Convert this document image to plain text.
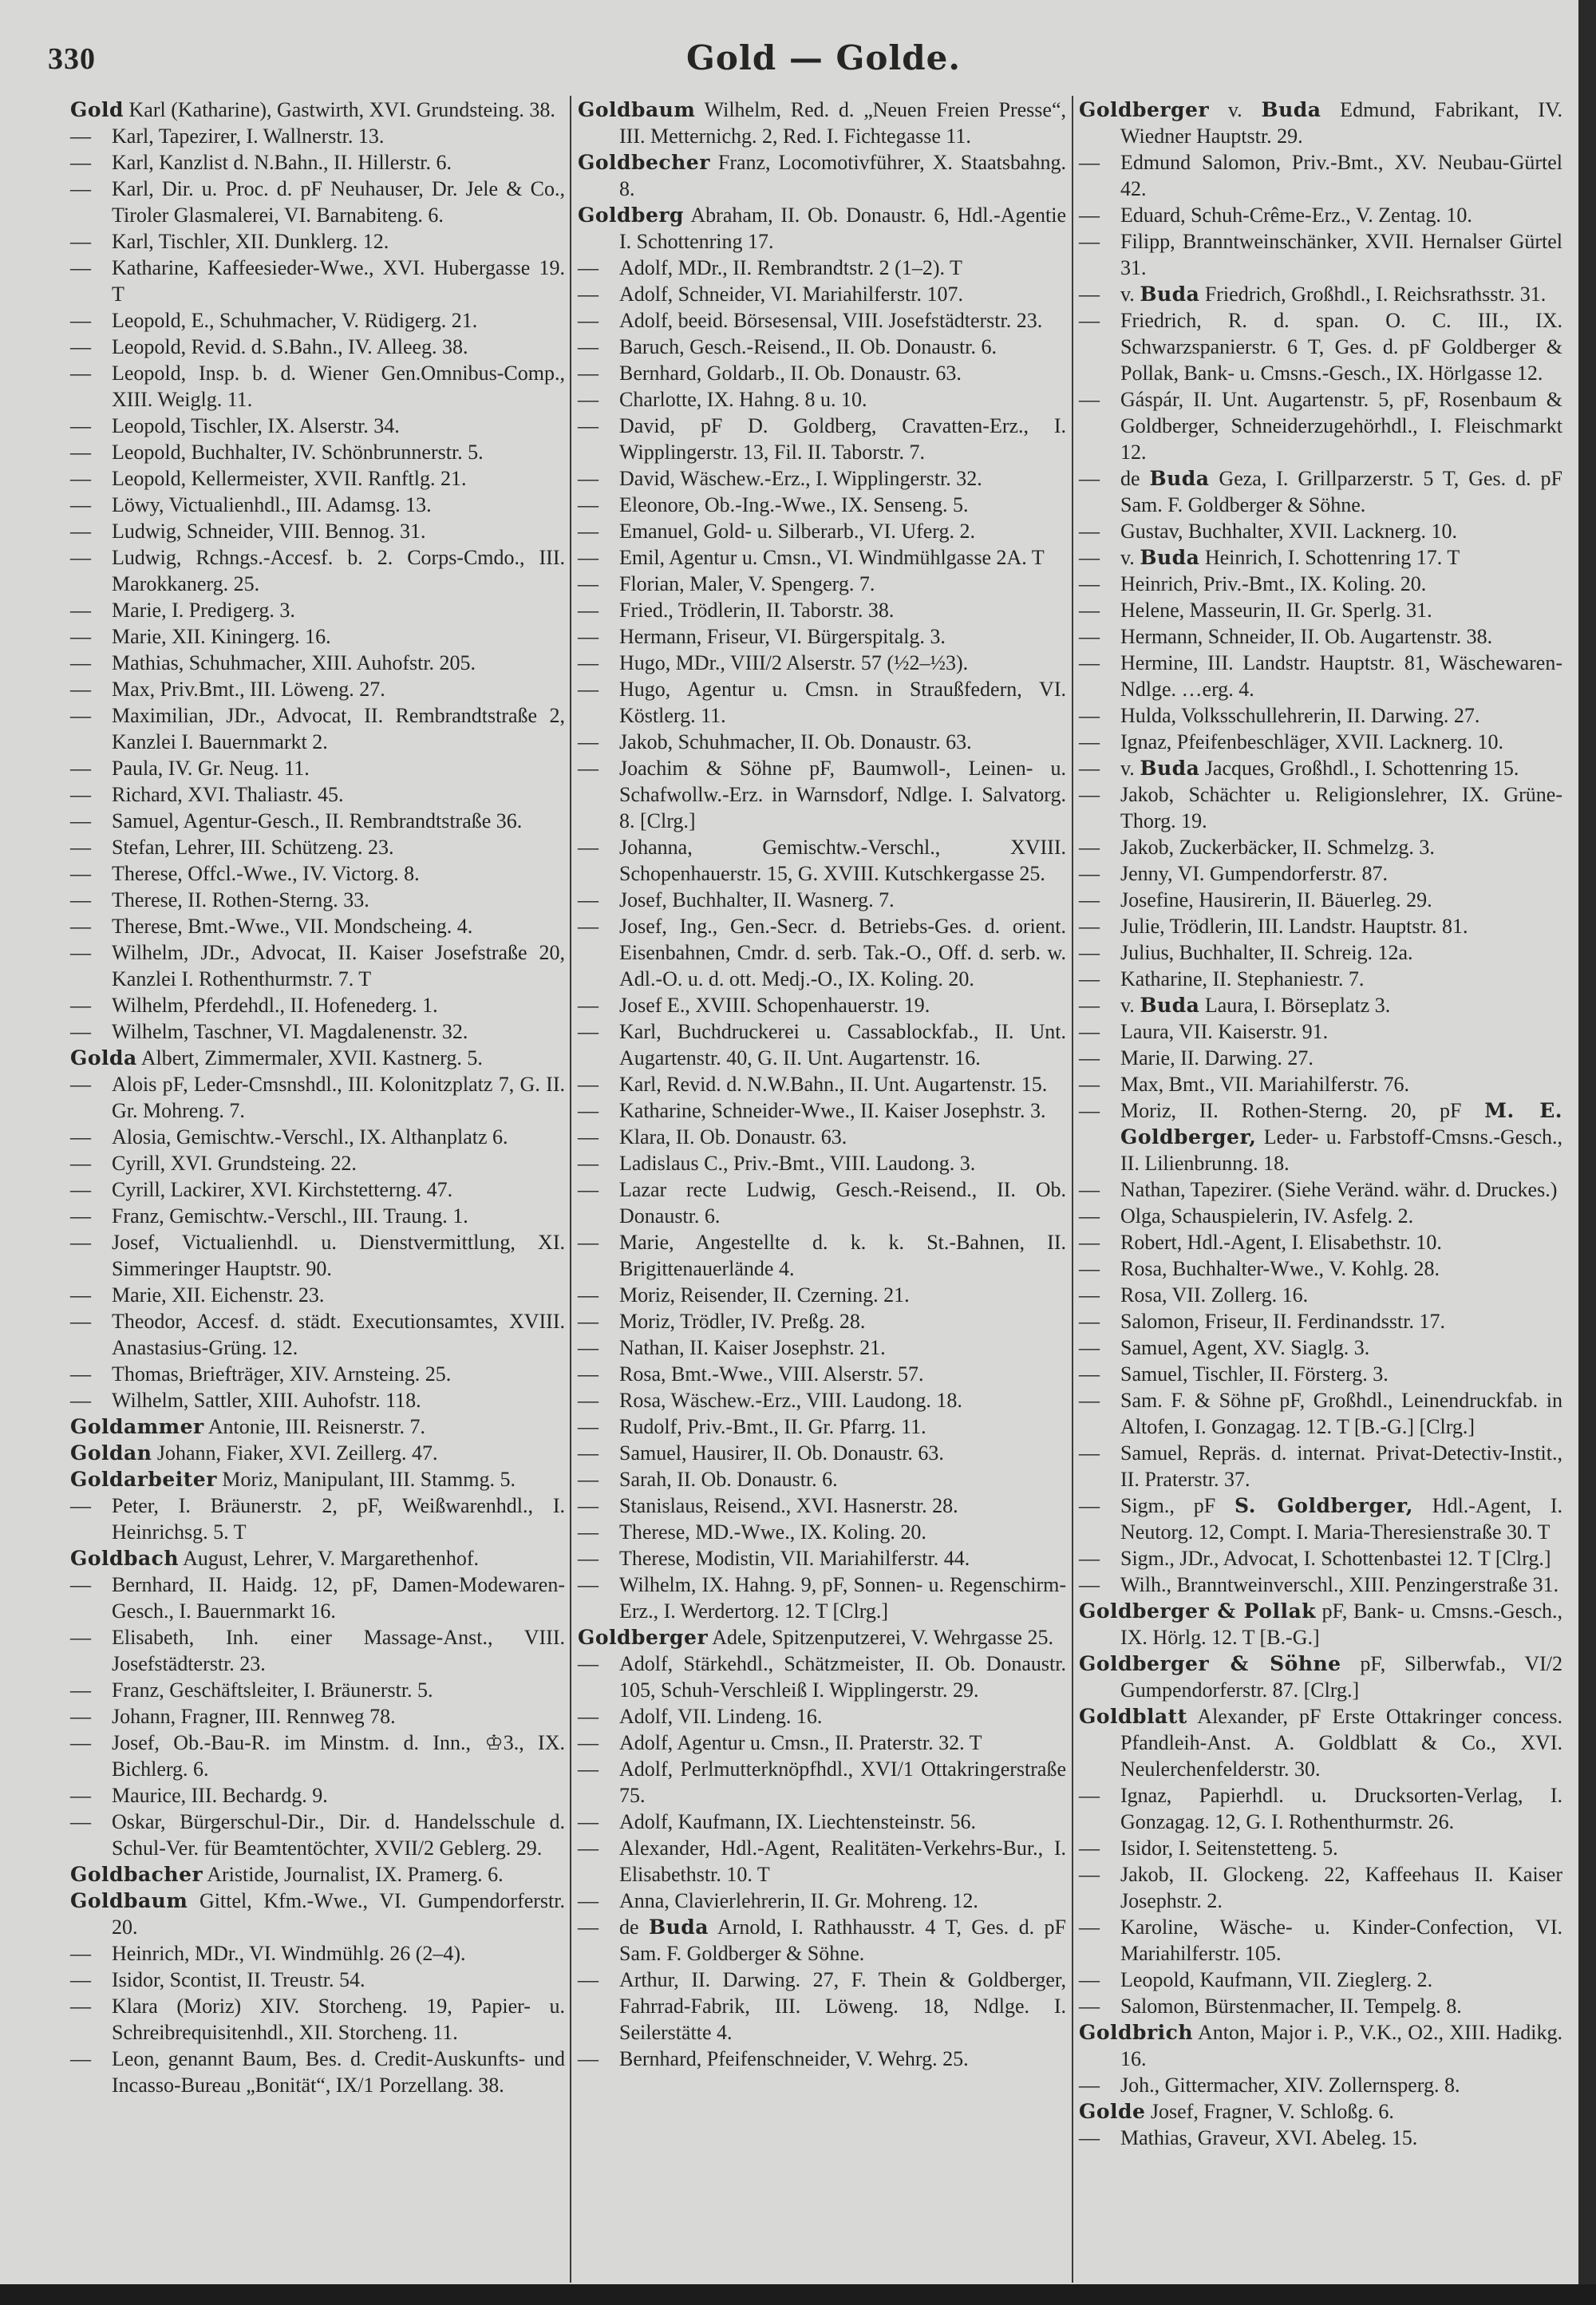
330	Gold — Golde.

Gold Karl (Katharine), Gastwirth, XVI. Grundsteing. 38.

— Karl, Tapezirer, I. Wallnerstr. 13.

— Karl, Kanzlist d. N.Bahn., II. Hillerstr. 6.

— Karl, Dir. u. Proc. d. pF Neuhauser, Dr. Jele & Co., Tiroler Glasmalerei, VI. Barnabiteng. 6.

— Karl, Tischler, XII. Dunklerg. 12.

— Katharine, Kaffeesieder-Wwe., XVI. Hubergasse 19. T

— Leopold, E., Schuhmacher, V. Rüdigerg. 21.

— Leopold, Revid. d. S.Bahn., IV. Alleeg. 38.

— Leopold, Insp. b. d. Wiener Gen.Omnibus-Comp., XIII. Weiglg. 11.

— Leopold, Tischler, IX. Alserstr. 34.

— Leopold, Buchhalter, IV. Schönbrunnerstr. 5.

— Leopold, Kellermeister, XVII. Ranftlg. 21.

— Löwy, Victualienhdl., III. Adamsg. 13.

— Ludwig, Schneider, VIII. Bennog. 31.

— Ludwig, Rchngs.-Accesf. b. 2. Corps-Cmdo., III. Marokkanerg. 25.

— Marie, I. Predigerg. 3.

— Marie, XII. Kiningerg. 16.

— Mathias, Schuhmacher, XIII. Auhofstr. 205.

— Max, Priv.Bmt., III. Löweng. 27.

— Maximilian, JDr., Advocat, II. Rembrandtstraße 2, Kanzlei I. Bauernmarkt 2.

— Paula, IV. Gr. Neug. 11.

— Richard, XVI. Thaliastr. 45.

— Samuel, Agentur-Gesch., II. Rembrandtstraße 36.

— Stefan, Lehrer, III. Schützeng. 23.

— Therese, Offcl.-Wwe., IV. Victorg. 8.

— Therese, II. Rothen-Sterng. 33.

— Therese, Bmt.-Wwe., VII. Mondscheing. 4.

— Wilhelm, JDr., Advocat, II. Kaiser Josefstraße 20, Kanzlei I. Rothenthurmstr. 7. T

— Wilhelm, Pferdehdl., II. Hofenederg. 1.

— Wilhelm, Taschner, VI. Magdalenenstr. 32.

Golda Albert, Zimmermaler, XVII. Kastnerg. 5.

— Alois pF, Leder-Cmsnshdl., III. Kolonitzplatz 7, G. II. Gr. Mohreng. 7.

— Alosia, Gemischtw.-Verschl., IX. Althanplatz 6.

— Cyrill, XVI. Grundsteing. 22.

— Cyrill, Lackirer, XVI. Kirchstetterng. 47.

— Franz, Gemischtw.-Verschl., III. Traung. 1.

— Josef, Victualienhdl. u. Dienstvermittlung, XI. Simmeringer Hauptstr. 90.

— Marie, XII. Eichenstr. 23.

— Theodor, Accesf. d. städt. Executionsamtes, XVIII. Anastasius-Grüng. 12.

— Thomas, Briefträger, XIV. Arnsteing. 25.

— Wilhelm, Sattler, XIII. Auhofstr. 118.

Goldammer Antonie, III. Reisnerstr. 7.

Goldan Johann, Fiaker, XVI. Zeillerg. 47.

Goldarbeiter Moriz, Manipulant, III. Stammg. 5.

— Peter, I. Bräunerstr. 2, pF, Weißwarenhdl., I. Heinrichsg. 5. T

Goldbach August, Lehrer, V. Margarethenhof.

— Bernhard, II. Haidg. 12, pF, Damen-Modewaren-Gesch., I. Bauernmarkt 16.

— Elisabeth, Inh. einer Massage-Anst., VIII. Josefstädterstr. 23.

— Franz, Geschäftsleiter, I. Bräunerstr. 5.

— Johann, Fragner, III. Rennweg 78.

— Josef, Ob.-Bau-R. im Minstm. d. Inn., ♔3., IX. Bichlerg. 6.

— Maurice, III. Bechardg. 9.

— Oskar, Bürgerschul-Dir., Dir. d. Handelsschule d. Schul-Ver. für Beamtentöchter, XVII/2 Geblerg. 29.

Goldbacher Aristide, Journalist, IX. Pramerg. 6.

Goldbaum Gittel, Kfm.-Wwe., VI. Gumpendorferstr. 20.

— Heinrich, MDr., VI. Windmühlg. 26 (2–4).

— Isidor, Scontist, II. Treustr. 54.

— Klara (Moriz) XIV. Storcheng. 19, Papier- u. Schreibrequisitenhdl., XII. Storcheng. 11.

— Leon, genannt Baum, Bes. d. Credit-Auskunfts- und Incasso-Bureau „Bonität“, IX/1 Porzellang. 38.

Goldbaum Wilhelm, Red. d. „Neuen Freien Presse“, III. Metternichg. 2, Red. I. Fichtegasse 11.

Goldbecher Franz, Locomotivführer, X. Staatsbahng. 8.

Goldberg Abraham, II. Ob. Donaustr. 6, Hdl.-Agentie I. Schottenring 17.

— Adolf, MDr., II. Rembrandtstr. 2 (1–2). T

— Adolf, Schneider, VI. Mariahilferstr. 107.

— Adolf, beeid. Börsesensal, VIII. Josefstädterstr. 23.

— Baruch, Gesch.-Reisend., II. Ob. Donaustr. 6.

— Bernhard, Goldarb., II. Ob. Donaustr. 63.

— Charlotte, IX. Hahng. 8 u. 10.

— David, pF D. Goldberg, Cravatten-Erz., I. Wipplingerstr. 13, Fil. II. Taborstr. 7.

— David, Wäschew.-Erz., I. Wipplingerstr. 32.

— Eleonore, Ob.-Ing.-Wwe., IX. Senseng. 5.

— Emanuel, Gold- u. Silberarb., VI. Uferg. 2.

— Emil, Agentur u. Cmsn., VI. Windmühlgasse 2A. T

— Florian, Maler, V. Spengerg. 7.

— Fried., Trödlerin, II. Taborstr. 38.

— Hermann, Friseur, VI. Bürgerspitalg. 3.

— Hugo, MDr., VIII/2 Alserstr. 57 (½2–½3).

— Hugo, Agentur u. Cmsn. in Straußfedern, VI. Köstlerg. 11.

— Jakob, Schuhmacher, II. Ob. Donaustr. 63.

— Joachim & Söhne pF, Baumwoll-, Leinen- u. Schafwollw.-Erz. in Warnsdorf, Ndlge. I. Salvatorg. 8. [Clrg.]

— Johanna, Gemischtw.-Verschl., XVIII. Schopenhauerstr. 15, G. XVIII. Kutschkergasse 25.

— Josef, Buchhalter, II. Wasnerg. 7.

— Josef, Ing., Gen.-Secr. d. Betriebs-Ges. d. orient. Eisenbahnen, Cmdr. d. serb. Tak.-O., Off. d. serb. w. Adl.-O. u. d. ott. Medj.-O., IX. Koling. 20.

— Josef E., XVIII. Schopenhauerstr. 19.

— Karl, Buchdruckerei u. Cassablockfab., II. Unt. Augartenstr. 40, G. II. Unt. Augartenstr. 16.

— Karl, Revid. d. N.W.Bahn., II. Unt. Augartenstr. 15.

— Katharine, Schneider-Wwe., II. Kaiser Josephstr. 3.

— Klara, II. Ob. Donaustr. 63.

— Ladislaus C., Priv.-Bmt., VIII. Laudong. 3.

— Lazar recte Ludwig, Gesch.-Reisend., II. Ob. Donaustr. 6.

— Marie, Angestellte d. k. k. St.-Bahnen, II. Brigittenauerlände 4.

— Moriz, Reisender, II. Czerning. 21.

— Moriz, Trödler, IV. Preßg. 28.

— Nathan, II. Kaiser Josephstr. 21.

— Rosa, Bmt.-Wwe., VIII. Alserstr. 57.

— Rosa, Wäschew.-Erz., VIII. Laudong. 18.

— Rudolf, Priv.-Bmt., II. Gr. Pfarrg. 11.

— Samuel, Hausirer, II. Ob. Donaustr. 63.

— Sarah, II. Ob. Donaustr. 6.

— Stanislaus, Reisend., XVI. Hasnerstr. 28.

— Therese, MD.-Wwe., IX. Koling. 20.

— Therese, Modistin, VII. Mariahilferstr. 44.

— Wilhelm, IX. Hahng. 9, pF, Sonnen- u. Regenschirm-Erz., I. Werdertorg. 12. T [Clrg.]

Goldberger Adele, Spitzenputzerei, V. Wehrgasse 25.

— Adolf, Stärkehdl., Schätzmeister, II. Ob. Donaustr. 105, Schuh-Verschleiß I. Wipplingerstr. 29.

— Adolf, VII. Lindeng. 16.

— Adolf, Agentur u. Cmsn., II. Praterstr. 32. T

— Adolf, Perlmutterknöpfhdl., XVI/1 Ottakringerstraße 75.

— Adolf, Kaufmann, IX. Liechtensteinstr. 56.

— Alexander, Hdl.-Agent, Realitäten-Verkehrs-Bur., I. Elisabethstr. 10. T

— Anna, Clavierlehrerin, II. Gr. Mohreng. 12.

— de Buda Arnold, I. Rathhausstr. 4 T, Ges. d. pF Sam. F. Goldberger & Söhne.

— Arthur, II. Darwing. 27, F. Thein & Goldberger, Fahrrad-Fabrik, III. Löweng. 18, Ndlge. I. Seilerstätte 4.

— Bernhard, Pfeifenschneider, V. Wehrg. 25.

Goldberger v. Buda Edmund, Fabrikant, IV. Wiedner Hauptstr. 29.

— Edmund Salomon, Priv.-Bmt., XV. Neubau-Gürtel 42.

— Eduard, Schuh-Crême-Erz., V. Zentag. 10.

— Filipp, Branntweinschänker, XVII. Hernalser Gürtel 31.

— v. Buda Friedrich, Großhdl., I. Reichsrathsstr. 31.

— Friedrich, R. d. span. O. C. III., IX. Schwarzspanierstr. 6 T, Ges. d. pF Goldberger & Pollak, Bank- u. Cmsns.-Gesch., IX. Hörlgasse 12.

— Gáspár, II. Unt. Augartenstr. 5, pF, Rosenbaum & Goldberger, Schneiderzugehörhdl., I. Fleischmarkt 12.

— de Buda Geza, I. Grillparzerstr. 5 T, Ges. d. pF Sam. F. Goldberger & Söhne.

— Gustav, Buchhalter, XVII. Lacknerg. 10.

— v. Buda Heinrich, I. Schottenring 17. T

— Heinrich, Priv.-Bmt., IX. Koling. 20.

— Helene, Masseurin, II. Gr. Sperlg. 31.

— Hermann, Schneider, II. Ob. Augartenstr. 38.

— Hermine, III. Landstr. Hauptstr. 81, Wäschewaren-Ndlge. …erg. 4.

— Hulda, Volksschullehrerin, II. Darwing. 27.

— Ignaz, Pfeifenbeschläger, XVII. Lacknerg. 10.

— v. Buda Jacques, Großhdl., I. Schottenring 15.

— Jakob, Schächter u. Religionslehrer, IX. Grüne-Thorg. 19.

— Jakob, Zuckerbäcker, II. Schmelzg. 3.

— Jenny, VI. Gumpendorferstr. 87.

— Josefine, Hausirerin, II. Bäuerleg. 29.

— Julie, Trödlerin, III. Landstr. Hauptstr. 81.

— Julius, Buchhalter, II. Schreig. 12a.

— Katharine, II. Stephaniestr. 7.

— v. Buda Laura, I. Börseplatz 3.

— Laura, VII. Kaiserstr. 91.

— Marie, II. Darwing. 27.

— Max, Bmt., VII. Mariahilferstr. 76.

— Moriz, II. Rothen-Sterng. 20, pF M. E. Goldberger, Leder- u. Farbstoff-Cmsns.-Gesch., II. Lilienbrunng. 18.

— Nathan, Tapezirer. (Siehe Veränd. währ. d. Druckes.)

— Olga, Schauspielerin, IV. Asfelg. 2.

— Robert, Hdl.-Agent, I. Elisabethstr. 10.

— Rosa, Buchhalter-Wwe., V. Kohlg. 28.

— Rosa, VII. Zollerg. 16.

— Salomon, Friseur, II. Ferdinandsstr. 17.

— Samuel, Agent, XV. Siaglg. 3.

— Samuel, Tischler, II. Försterg. 3.

— Sam. F. & Söhne pF, Großhdl., Leinendruckfab. in Altofen, I. Gonzagag. 12. T [B.-G.] [Clrg.]

— Samuel, Repräs. d. internat. Privat-Detectiv-Instit., II. Praterstr. 37.

— Sigm., pF S. Goldberger, Hdl.-Agent, I. Neutorg. 12, Compt. I. Maria-Theresienstraße 30. T

— Sigm., JDr., Advocat, I. Schottenbastei 12. T [Clrg.]

— Wilh., Branntweinverschl., XIII. Penzingerstraße 31.

Goldberger & Pollak pF, Bank- u. Cmsns.-Gesch., IX. Hörlg. 12. T [B.-G.]

Goldberger & Söhne pF, Silberwfab., VI/2 Gumpendorferstr. 87. [Clrg.]

Goldblatt Alexander, pF Erste Ottakringer concess. Pfandleih-Anst. A. Goldblatt & Co., XVI. Neulerchenfelderstr. 30.

— Ignaz, Papierhdl. u. Drucksorten-Verlag, I. Gonzagag. 12, G. I. Rothenthurmstr. 26.

— Isidor, I. Seitenstetteng. 5.

— Jakob, II. Glockeng. 22, Kaffeehaus II. Kaiser Josephstr. 2.

— Karoline, Wäsche- u. Kinder-Confection, VI. Mariahilferstr. 105.

— Leopold, Kaufmann, VII. Zieglerg. 2.

— Salomon, Bürstenmacher, II. Tempelg. 8.

Goldbrich Anton, Major i. P., V.K., O2., XIII. Hadikg. 16.

— Joh., Gittermacher, XIV. Zollernsperg. 8.

Golde Josef, Fragner, V. Schloßg. 6.

— Mathias, Graveur, XVI. Abeleg. 15.
